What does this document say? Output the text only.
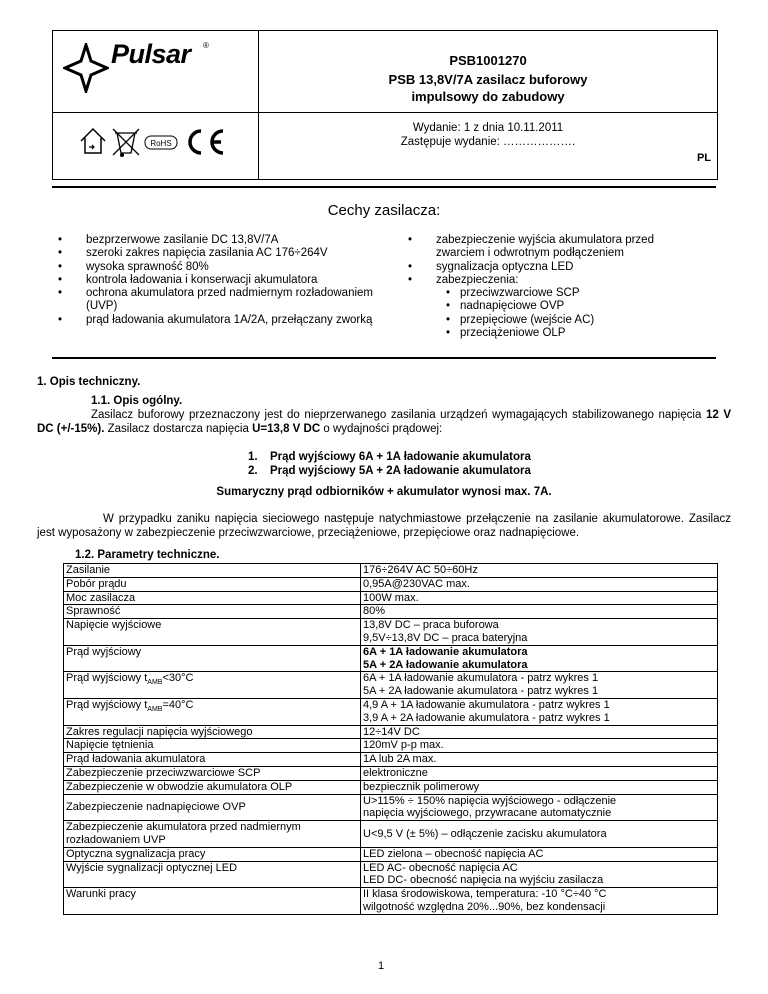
Pulsar ®
PSB1001270
PSB 13,8V/7A zasilacz buforowy
impulsowy do zabudowy
RoHS
Wydanie: 1 z dnia 10.11.2011
Zastępuje wydanie: ……………….
PL
Cechy zasilacza:
• bezprzerwowe zasilanie DC 13,8V/7A
• szeroki zakres napięcia zasilania AC 176÷264V
• wysoka sprawność 80%
• kontrola ładowania i konserwacji akumulatora
• ochrona akumulatora przed nadmiernym rozładowaniem (UVP)
• prąd ładowania akumulatora 1A/2A, przełączany zworką
• zabezpieczenie wyjścia akumulatora przed zwarciem i odwrotnym podłączeniem
• sygnalizacja optyczna LED
• zabezpieczenia:
• przeciwzwarciowe SCP
• nadnapięciowe OVP
• przepięciowe (wejście AC)
• przeciążeniowe OLP
1. Opis techniczny.
1.1. Opis ogólny.
Zasilacz buforowy przeznaczony jest do nieprzerwanego zasilania urządzeń wymagających stabilizowanego napięcia 12 V DC (+/-15%). Zasilacz dostarcza napięcia U=13,8 V DC o wydajności prądowej:
1. Prąd wyjściowy 6A + 1A ładowanie akumulatora
2. Prąd wyjściowy 5A + 2A ładowanie akumulatora
Sumaryczny prąd odbiorników + akumulator wynosi max. 7A.
W przypadku zaniku napięcia sieciowego następuje natychmiastowe przełączenie na zasilanie akumulatorowe. Zasilacz jest wyposażony w zabezpieczenie przeciwzwarciowe, przeciążeniowe, przepięciowe oraz nadnapięciowe.
1.2. Parametry techniczne.
Zasilanie	176÷264V AC 50÷60Hz

Pobór prądu	0,95A@230VAC max.

Moc zasilacza	100W max.

Sprawność	80%

Napięcie wyjściowe	13,8V DC – praca buforowa
9,5V÷13,8V DC – praca bateryjna

Prąd wyjściowy	6A + 1A ładowanie akumulatora
5A + 2A ładowanie akumulatora

Prąd wyjściowy $t_{AMB}<30^\circ C$	6A + 1A ładowanie akumulatora - patrz wykres 1
5A + 2A ładowanie akumulatora - patrz wykres 1

Prąd wyjściowy $t_{AMB}=40^\circ C$	4,9 A + 1A ładowanie akumulatora - patrz wykres 1
3,9 A + 2A ładowanie akumulatora - patrz wykres 1

Zakres regulacji napięcia wyjściowego	12÷14V DC

Napięcie tętnienia	120mV p-p max.

Prąd ładowania akumulatora	1A lub 2A max.

Zabezpieczenie przeciwzwarciowe SCP	elektroniczne

Zabezpieczenie w obwodzie akumulatora OLP	bezpiecznik polimerowy

Zabezpieczenie nadnapięciowe OVP	U>115% ÷ 150% napięcia wyjściowego - odłączenie
napięcia wyjściowego, przywracane automatycznie

Zabezpieczenie akumulatora przed nadmiernym rozładowaniem UVP	U<9,5 V (± 5%) – odłączenie zacisku akumulatora

Optyczna sygnalizacja pracy	LED zielona – obecność napięcia AC

Wyjście sygnalizacji optycznej LED	LED AC- obecność napięcia AC
LED DC- obecność napięcia na wyjściu zasilacza

Warunki pracy	II klasa środowiskowa, temperatura: -10 °C÷40 °C
wilgotność względna 20%...90%, bez kondensacji
1
